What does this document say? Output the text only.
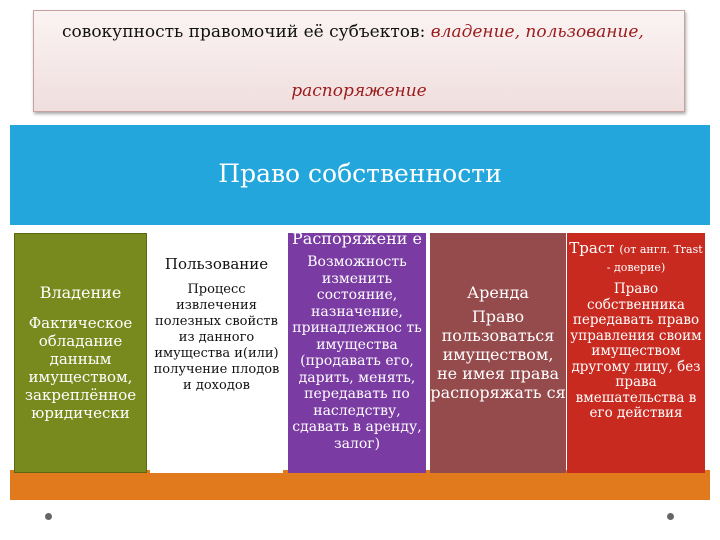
совокупность правомочий её субъектов: владение, пользование,
распоряжение
Право собственности
Владение
Фактическое обладание данным имуществом, закреплённое юридически
Пользование
Процесс извлечения полезных свойств из данного имущества и(или) получение плодов и доходов
Распоряжени е
Возможность изменить состояние, назначение, принадлежнос ть имущества (продавать его, дарить, менять, передавать по наследству, сдавать в аренду, залог)
Аренда
Право пользоваться имуществом, не имея права распоряжать ся
Траст (от англ. Trast - доверие)
Право собственника передавать право управления своим имуществом другому лицу, без права вмешательства в его действия
